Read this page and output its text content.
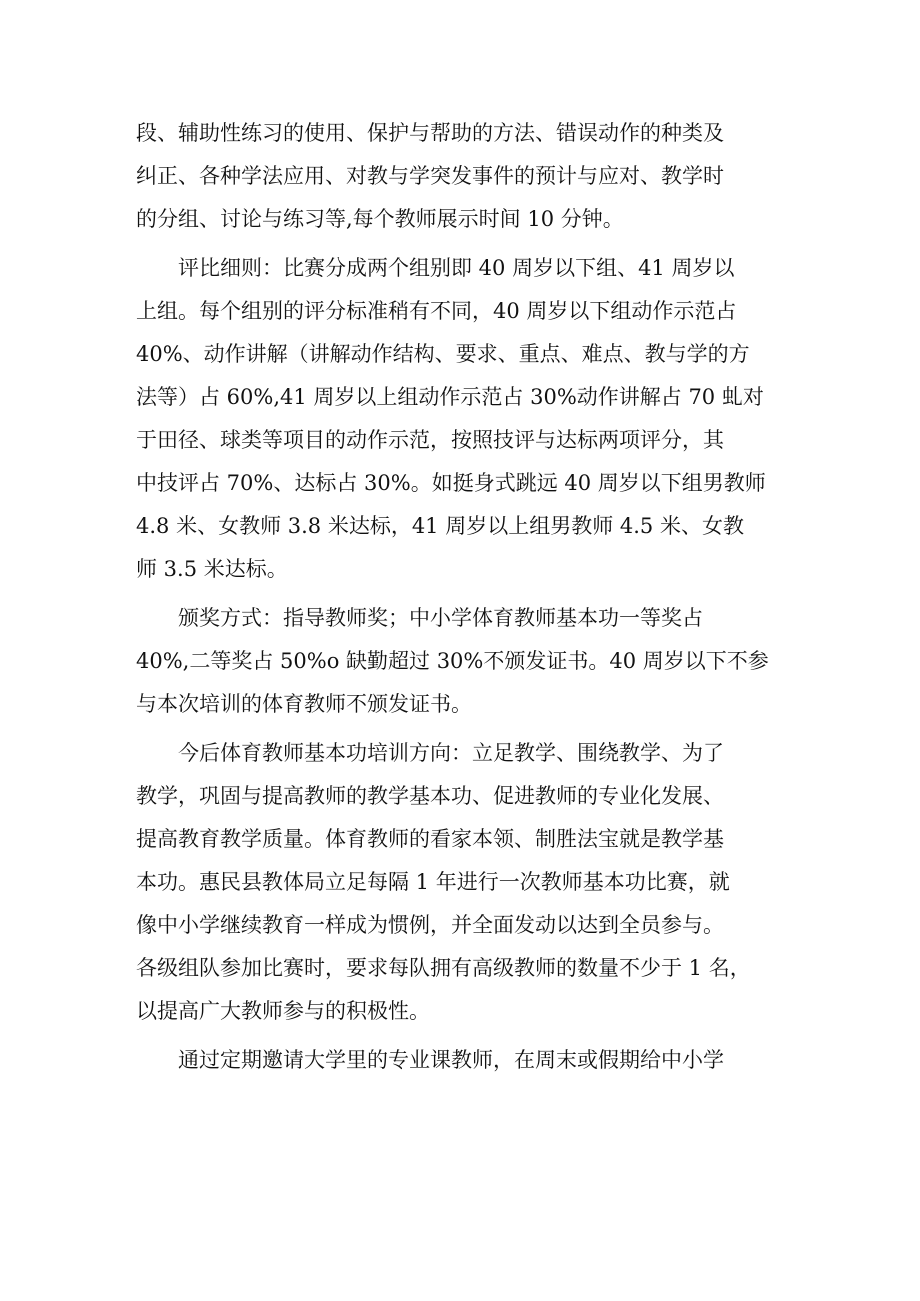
段、辅助性练习的使用、保护与帮助的方法、错误动作的种类及
纠正、各种学法应用、对教与学突发事件的预计与应对、教学时
的分组、讨论与练习等,每个教师展示时间 10 分钟。
　　评比细则：比赛分成两个组别即 40 周岁以下组、41 周岁以
上组。每个组别的评分标准稍有不同，40 周岁以下组动作示范占
40%、动作讲解（讲解动作结构、要求、重点、难点、教与学的方
法等）占 60%,41 周岁以上组动作示范占 30%动作讲解占 70 虬对
于田径、球类等项目的动作示范，按照技评与达标两项评分，其
中技评占 70%、达标占 30%。如挺身式跳远 40 周岁以下组男教师
4.8 米、女教师 3.8 米达标，41 周岁以上组男教师 4.5 米、女教
师 3.5 米达标。
　　颁奖方式：指导教师奖；中小学体育教师基本功一等奖占
40%,二等奖占 50%o 缺勤超过 30%不颁发证书。40 周岁以下不参
与本次培训的体育教师不颁发证书。
　　今后体育教师基本功培训方向：立足教学、围绕教学、为了
教学，巩固与提高教师的教学基本功、促进教师的专业化发展、
提高教育教学质量。体育教师的看家本领、制胜法宝就是教学基
本功。惠民县教体局立足每隔 1 年进行一次教师基本功比赛，就
像中小学继续教育一样成为惯例，并全面发动以达到全员参与。
各级组队参加比赛时，要求每队拥有高级教师的数量不少于 1 名，
以提高广大教师参与的积极性。
　　通过定期邀请大学里的专业课教师，在周末或假期给中小学
